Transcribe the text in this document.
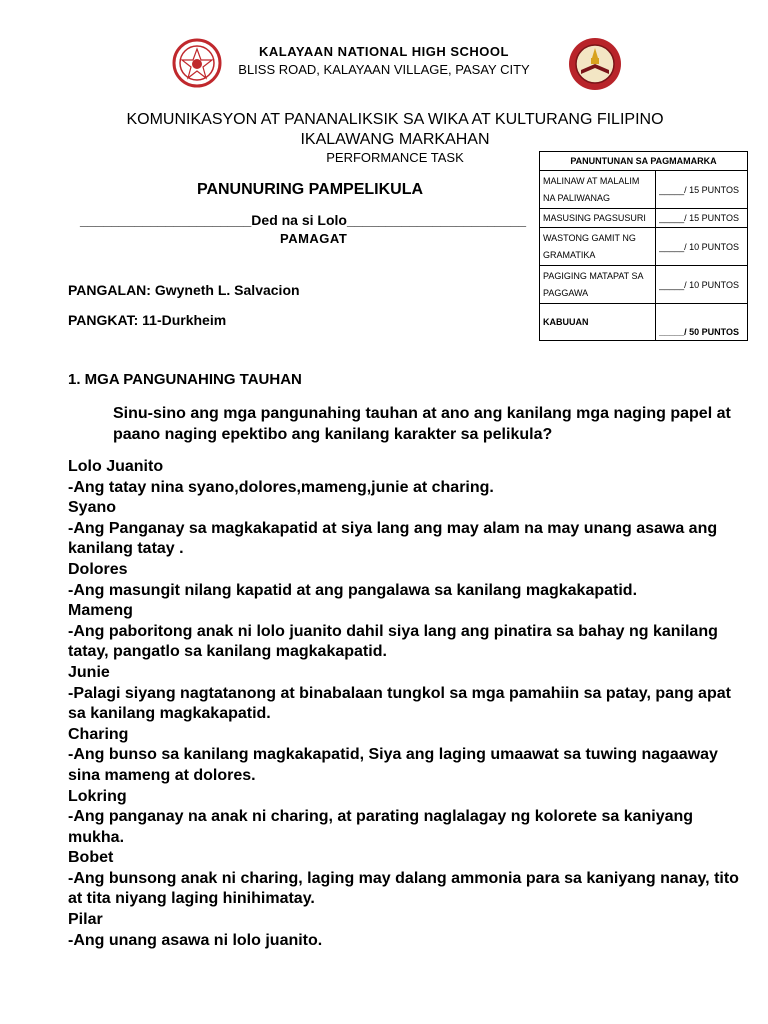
KALAYAAN NATIONAL HIGH SCHOOL
BLISS ROAD, KALAYAAN VILLAGE, PASAY CITY
KOMUNIKASYON AT PANANALIKSIK SA WIKA AT KULTURANG FILIPINO
IKALAWANG MARKAHAN
PERFORMANCE TASK
PANUNURING PAMPELIKULA
______________________Ded na si Lolo_______________________
PAMAGAT
PANGALAN: Gwyneth L. Salvacion
PANGKAT: 11-Durkheim
PANUNTUNAN SA PAGMAMARKA	
MALINAW AT MALALIM NA PALIWANAG	_____/ 15 PUNTOS
MASUSING PAGSUSURI	_____/ 15 PUNTOS
WASTONG GAMIT NG GRAMATIKA	_____/ 10 PUNTOS
PAGIGING MATAPAT SA PAGGAWA	_____/ 10 PUNTOS
KABUUAN	_____/ 50 PUNTOS
1. MGA PANGUNAHING TAUHAN
Sinu-sino ang mga pangunahing tauhan at ano ang kanilang mga naging papel at paano naging epektibo ang kanilang karakter sa pelikula?

Lolo Juanito

-Ang tatay nina syano,dolores,mameng,junie at charing.

Syano

-Ang Panganay sa magkakapatid at siya lang ang may alam na may unang asawa ang kanilang tatay .

Dolores

-Ang masungit nilang kapatid at ang pangalawa sa kanilang magkakapatid.

Mameng

-Ang paboritong anak ni lolo juanito dahil siya lang ang pinatira sa bahay ng kanilang tatay, pangatlo sa kanilang magkakapatid.

Junie

-Palagi siyang nagtatanong at binabalaan tungkol sa mga pamahiin sa patay, pang apat sa kanilang magkakapatid.

Charing

-Ang bunso sa kanilang magkakapatid, Siya ang laging umaawat sa tuwing nagaaway sina mameng at dolores.

Lokring

-Ang panganay na anak ni charing, at parating naglalagay ng kolorete sa kaniyang mukha.

Bobet

-Ang bunsong anak ni charing, laging may dalang ammonia para sa kaniyang nanay, tito at tita niyang laging hinihimatay.

Pilar

-Ang unang asawa ni lolo juanito.
